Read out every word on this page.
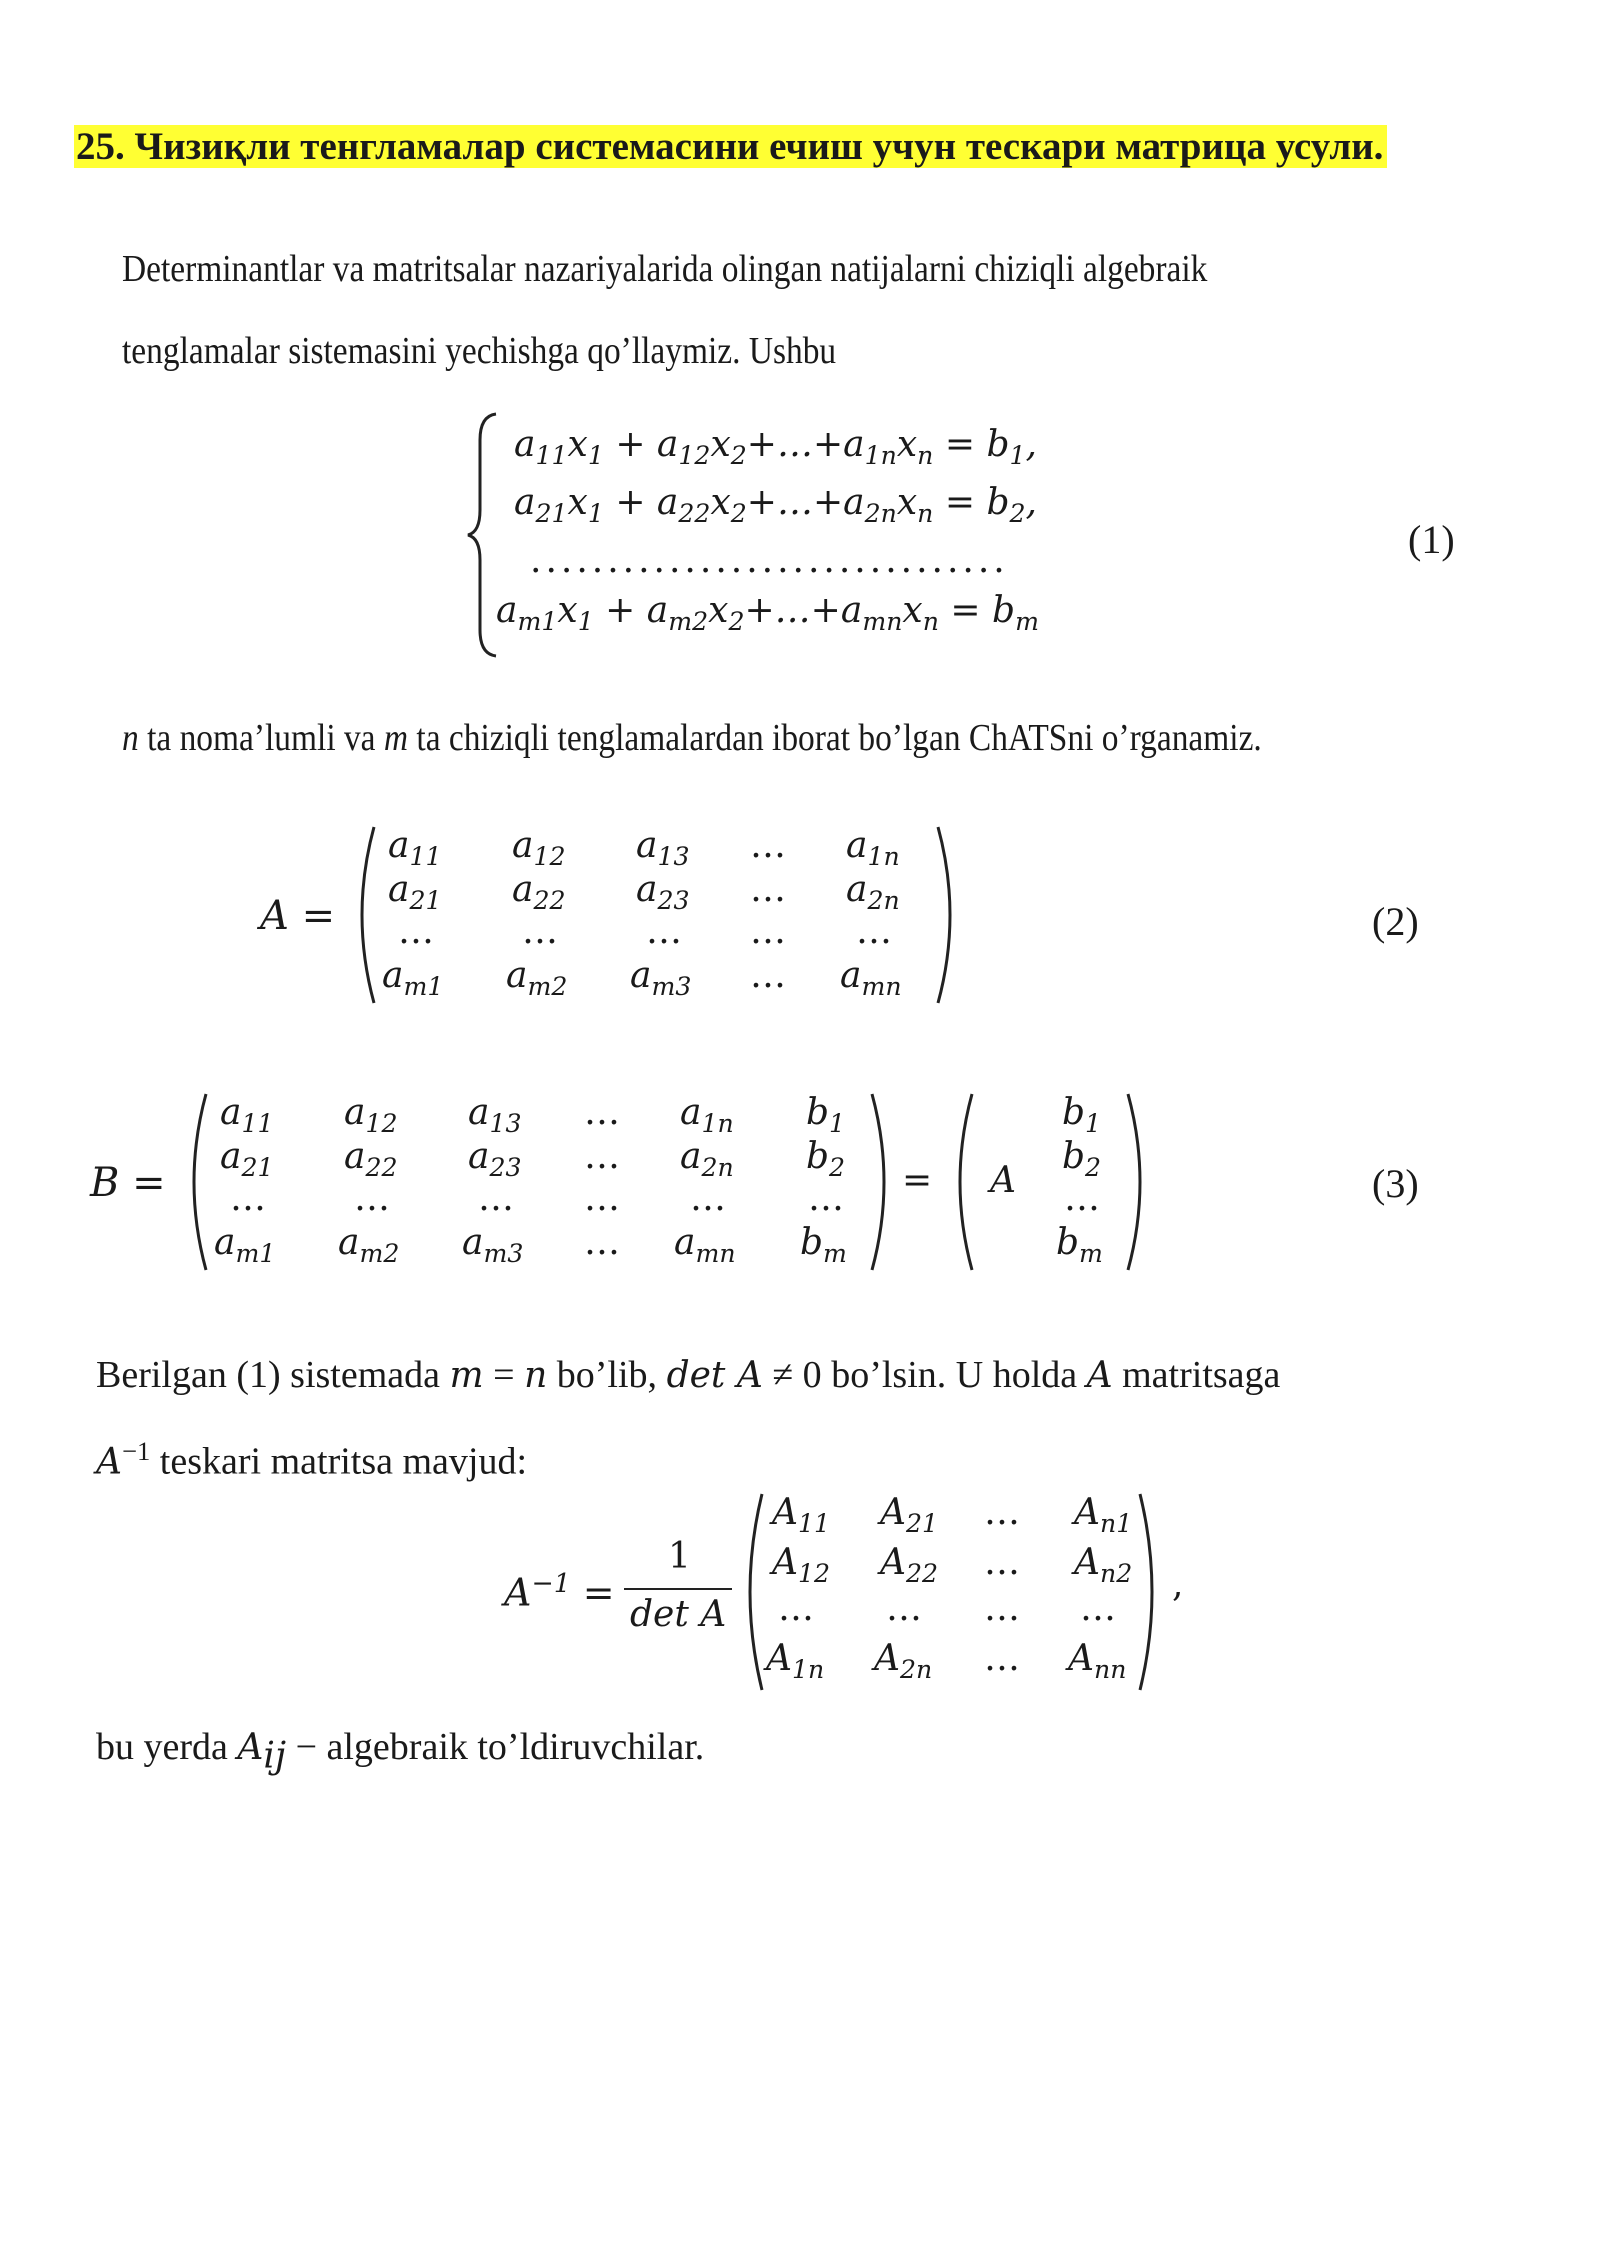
25. Чизиқли тенгламалар системасини ечиш учун тескари матрица усули.
Determinantlar va matritsalar nazariyalarida olingan natijalarni chiziqli algebraik
tenglamalar sistemasini yechishga qo’llaymiz. Ushbu
$a_{11}x_1$ + $a_{12}x_2+\dots+a_{1n}x_n = b_1$,
$a_{21}x_1$ + $a_{22}x_2+\dots+a_{2n}x_n = b_2$,
...............................
$a_{m1}x_1$ + $a_{m2}x_2+\dots+a_{mn}x_n = b_m$
(1)
n ta noma’lumli va m ta chiziqli tenglamalardan iborat bo’lgan ChATSni o’rganamiz.
A =
$a_{11}$ $a_{12}$ $a_{13}$ … $a_{1n}$
$a_{21}$ $a_{22}$ $a_{23}$ … $a_{2n}$
… … … … …
$a_{m1}$ $a_{m2}$ $a_{m3}$ … $a_{mn}$
(2)
B =
$a_{11}$ $a_{12}$ $a_{13}$ … $a_{1n}$ $b_1$
$a_{21}$ $a_{22}$ $a_{23}$ … $a_{2n}$ $b_2$
… … … … … …
$a_{m1}$ $a_{m2}$ $a_{m3}$ … $a_{mn}$ $b_m$
= A
$b_1$
$b_2$
…
$b_m$
(3)
Berilgan (1) sistemada m = n bo’lib, det A ≠ 0 bo’lsin. U holda A matritsaga
$A^{-1}$ teskari matritsa mavjud:
$A^{-1}$ =
1
det A
$A_{11}$ $A_{21}$ … $A_{n1}$
$A_{12}$ $A_{22}$ … $A_{n2}$
… … … …
$A_{1n}$ $A_{2n}$ … $A_{nn}$
,
bu yerda $A_{ij}$ − algebraik to’ldiruvchilar.
